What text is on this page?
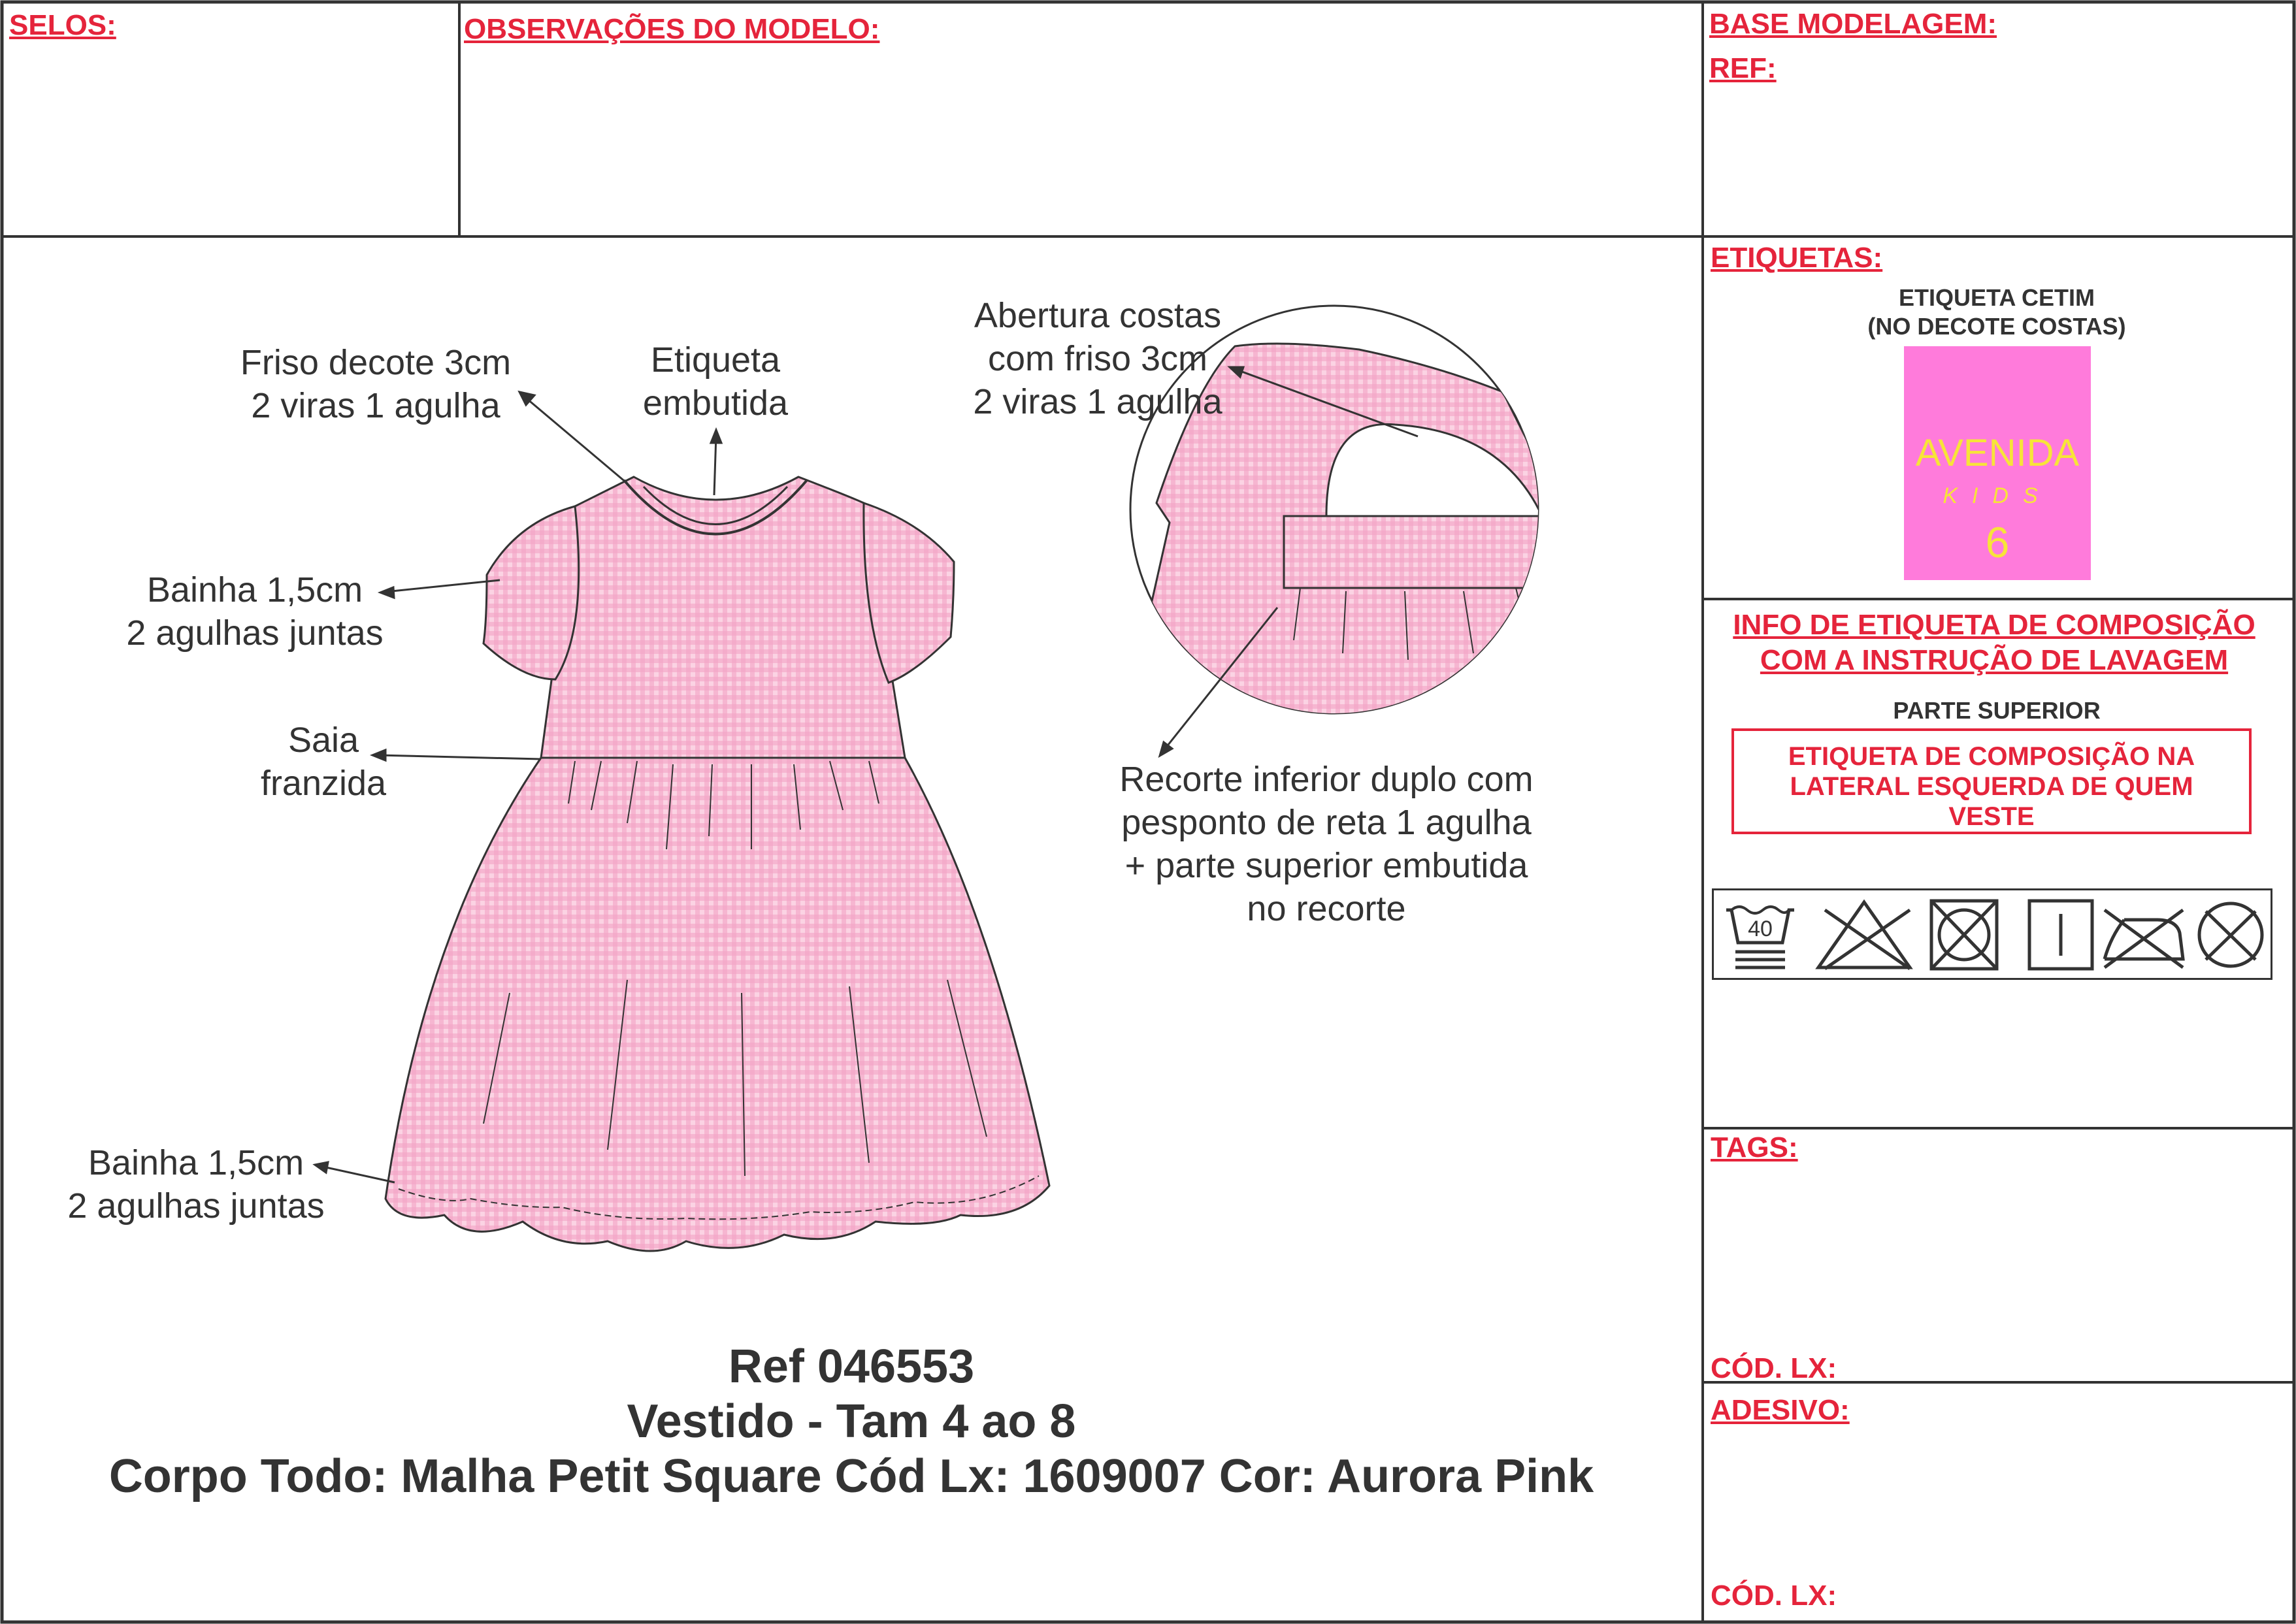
SELOS:	OBSERVAÇÕES DO MODELO:	BASE MODELAGEM:
REF:
Friso decote 3cm
2 viras 1 agulha
Etiqueta
embutida
Bainha 1,5cm
2 agulhas juntas
Saia
franzida
Bainha 1,5cm
2 agulhas juntas
Abertura costas
com friso 3cm
2 viras 1 agulha
Recorte inferior duplo com
pesponto de reta 1 agulha
+ parte superior embutida
no recorte
Ref 046553
Vestido - Tam 4 ao 8
Corpo Todo: Malha Petit Square Cód Lx: 1609007 Cor: Aurora Pink
ETIQUETAS:
ETIQUETA CETIM
(NO DECOTE COSTAS)
AVENIDA
KIDS
6
INFO DE ETIQUETA DE COMPOSIÇÃO
COM A INSTRUÇÃO DE LAVAGEM
PARTE SUPERIOR
ETIQUETA DE COMPOSIÇÃO NA
LATERAL ESQUERDA DE QUEM
VESTE
40
TAGS:
CÓD. LX:
ADESIVO:
CÓD. LX:
